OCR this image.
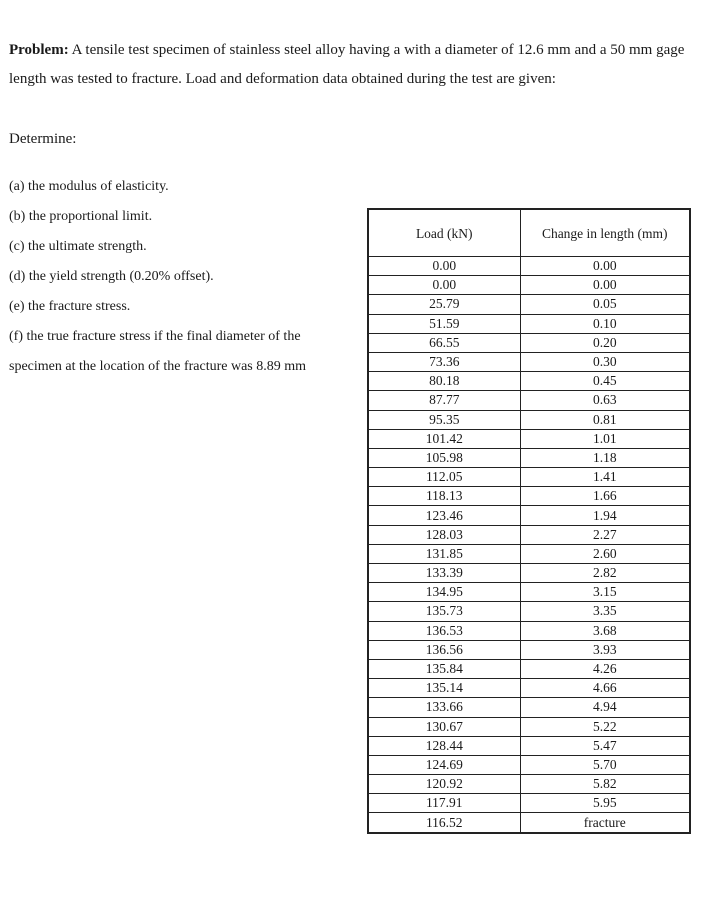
Problem: A tensile test specimen of stainless steel alloy having a with a diameter of 12.6 mm and a 50 mm gage length was tested to fracture. Load and deformation data obtained during the test are given:
Determine:
(a) the modulus of elasticity.
(b) the proportional limit.
(c) the ultimate strength.
(d) the yield strength (0.20% offset).
(e) the fracture stress.
(f) the true fracture stress if the final diameter of the specimen at the location of the fracture was 8.89 mm
Load (kN)	Change in length (mm)
0.00	0.00
0.00	0.00
25.79	0.05
51.59	0.10
66.55	0.20
73.36	0.30
80.18	0.45
87.77	0.63
95.35	0.81
101.42	1.01
105.98	1.18
112.05	1.41
118.13	1.66
123.46	1.94
128.03	2.27
131.85	2.60
133.39	2.82
134.95	3.15
135.73	3.35
136.53	3.68
136.56	3.93
135.84	4.26
135.14	4.66
133.66	4.94
130.67	5.22
128.44	5.47
124.69	5.70
120.92	5.82
117.91	5.95
116.52	fracture
